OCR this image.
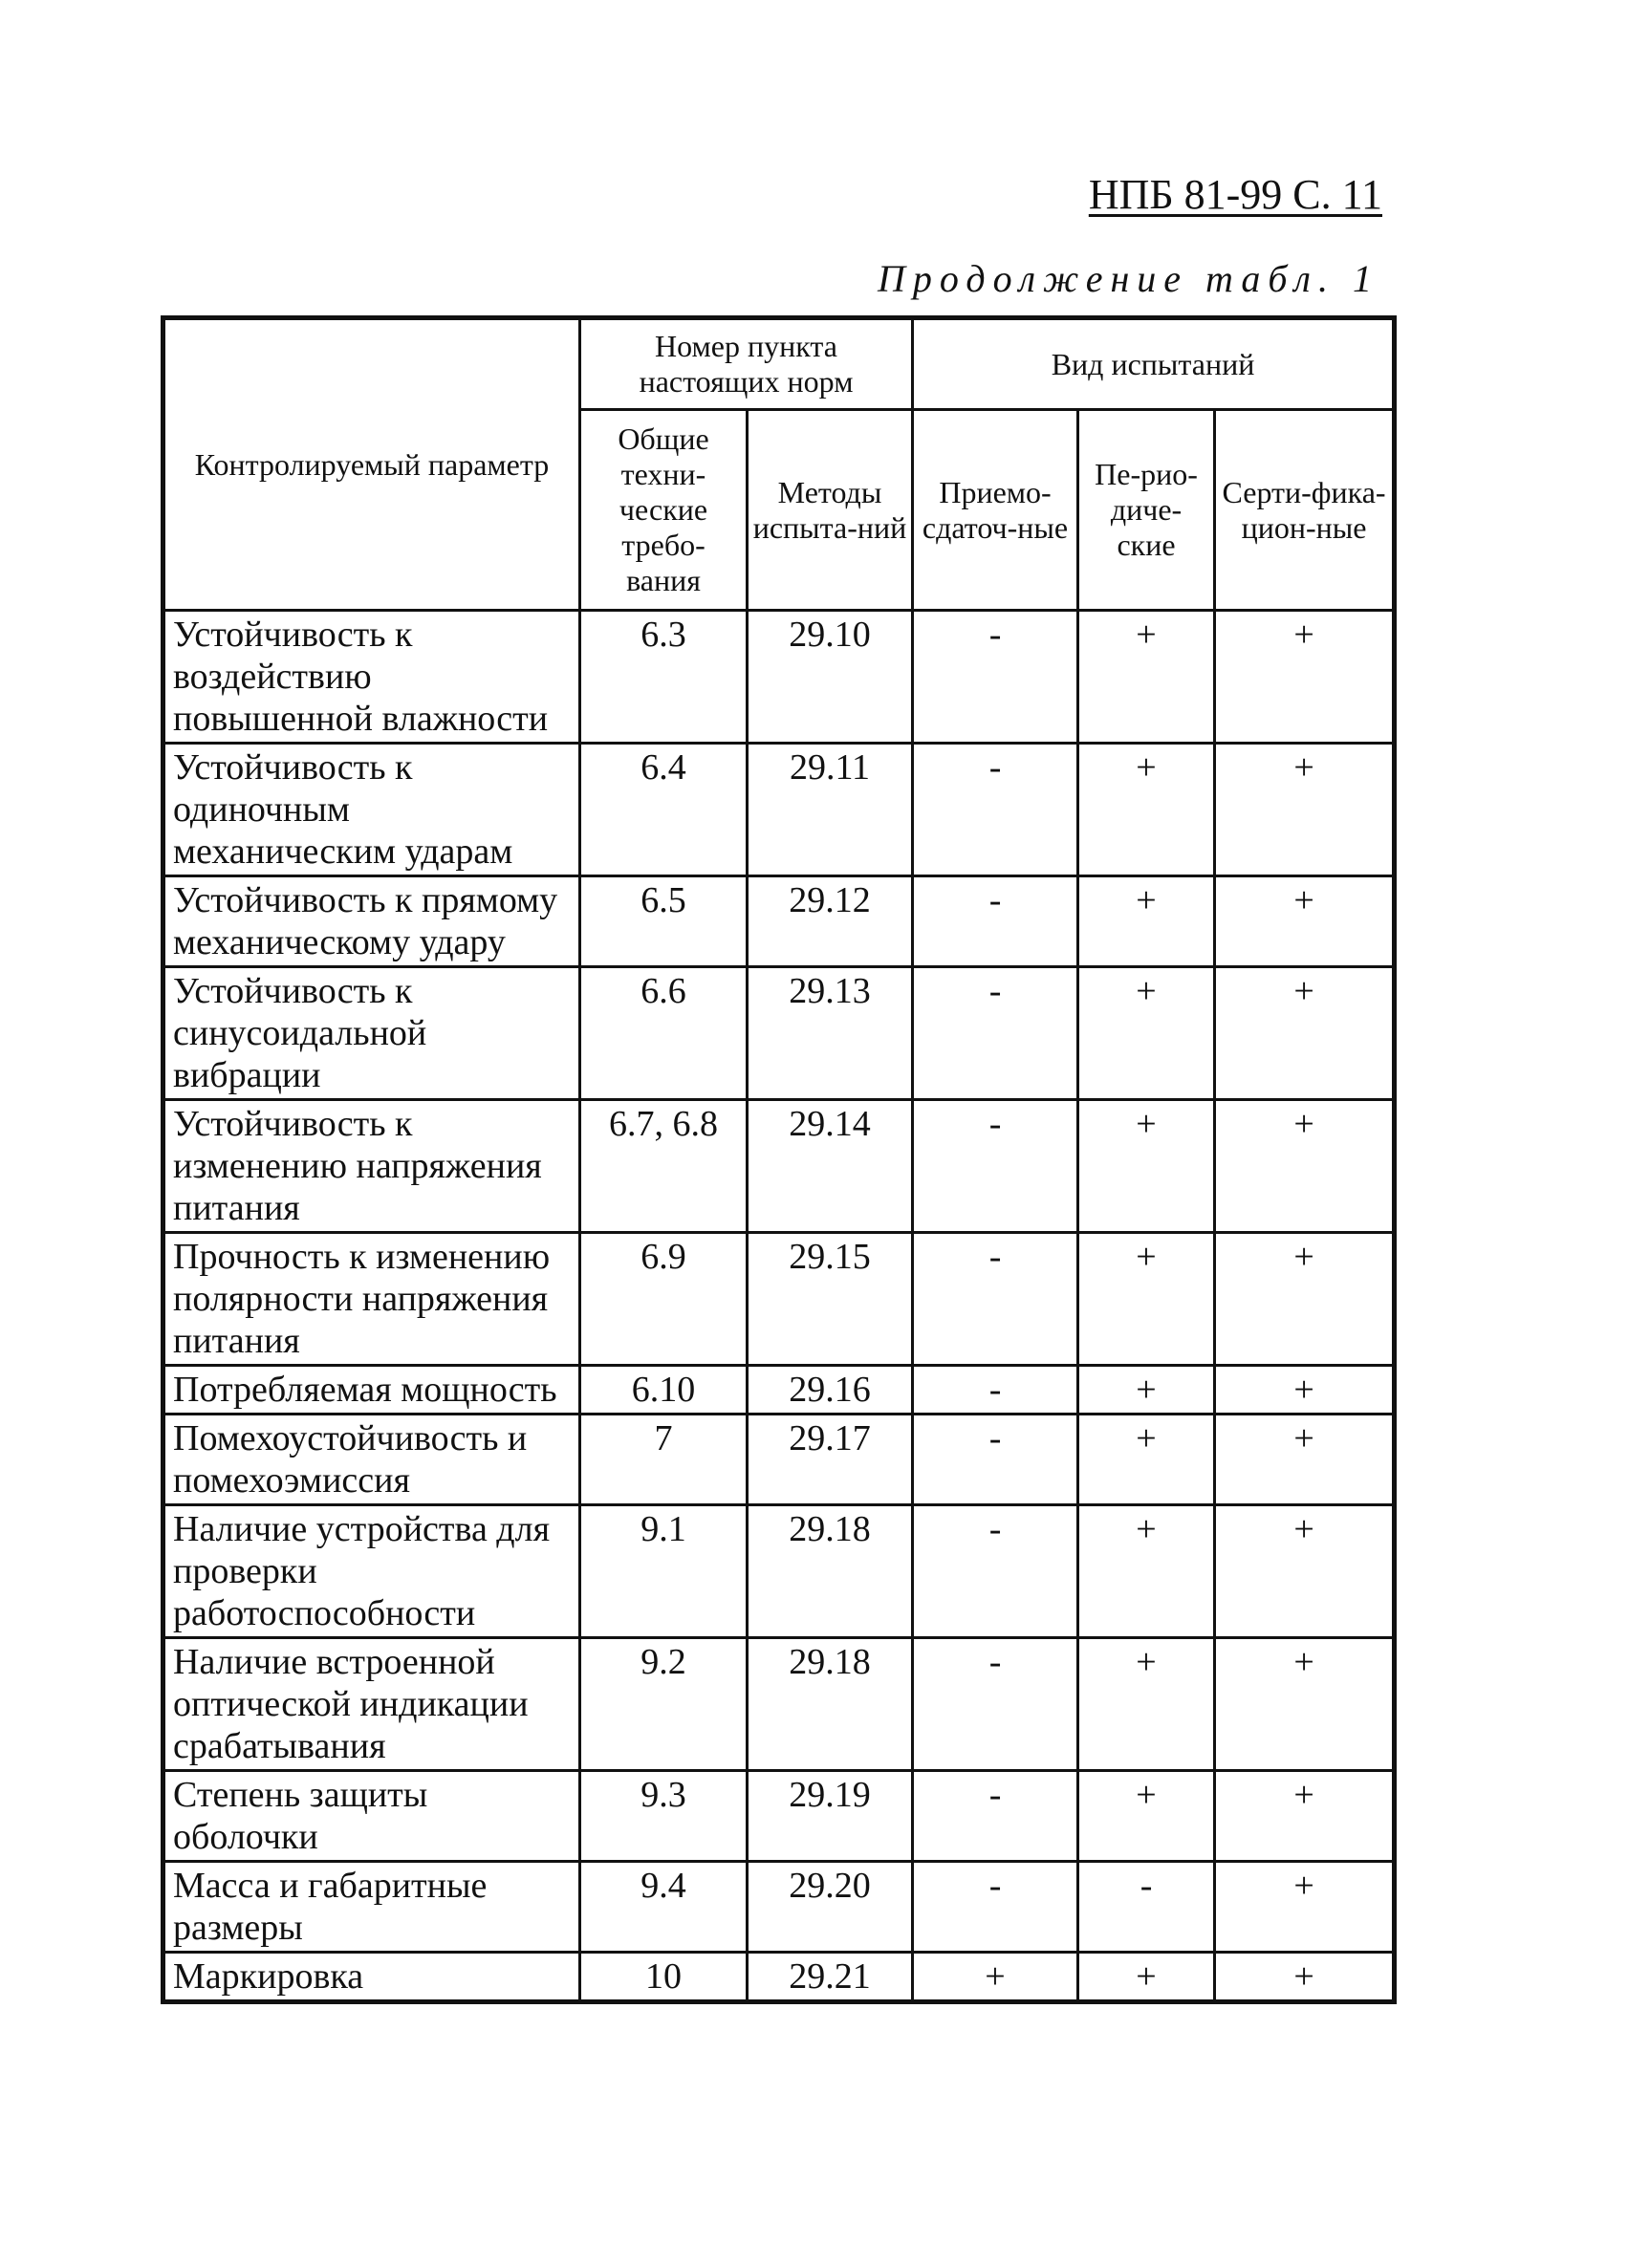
НПБ 81-99 С. 11
Продолжение табл. 1
Контролируемый параметр	Номер пункта настоящих норм		Вид испытаний		
	Общие техни-ческие требо-вания	Методы испыта-ний	Приемо-сдаточ-ные	Пе-рио-диче-ские	Серти-фика-цион-ные
Устойчивость к воздействию повышенной влажности	6.3	29.10	-	+	+
Устойчивость к одиночным механическим ударам	6.4	29.11	-	+	+
Устойчивость к прямому механическому удару	6.5	29.12	-	+	+
Устойчивость к синусоидальной вибрации	6.6	29.13	-	+	+
Устойчивость к изменению напряжения питания	6.7, 6.8	29.14	-	+	+
Прочность к изменению полярности напряжения питания	6.9	29.15	-	+	+
Потребляемая мощность	6.10	29.16	-	+	+
Помехоустойчивость и помехоэмиссия	7	29.17	-	+	+
Наличие устройства для проверки работоспособности	9.1	29.18	-	+	+
Наличие встроенной оптической индикации срабатывания	9.2	29.18	-	+	+
Степень защиты оболочки	9.3	29.19	-	+	+
Масса и габаритные размеры	9.4	29.20	-	-	+
Маркировка	10	29.21	+	+	+
